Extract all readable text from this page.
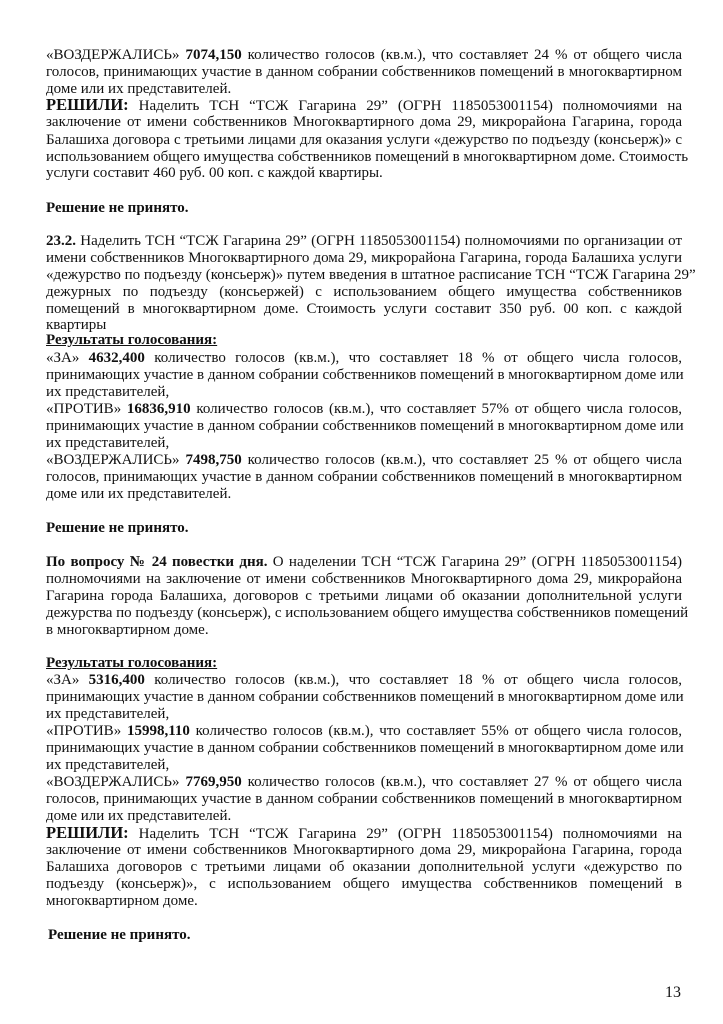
«ВОЗДЕРЖАЛИСЬ» 7074,150 количество голосов (кв.м.), что составляет 24 % от общего числа
голосов, принимающих участие в данном собрании собственников помещений в многоквартирном
доме или их представителей.
РЕШИЛИ: Наделить ТСН “ТСЖ Гагарина 29” (ОГРН 1185053001154) полномочиями на
заключение от имени собственников Многоквартирного дома 29, микрорайона Гагарина, города
Балашиха договора с третьими лицами для оказания услуги «дежурство по подъезду (консьерж)» с
использованием общего имущества собственников помещений в многоквартирном доме. Стоимость
услуги составит 460 руб. 00 коп. с каждой квартиры.
Решение не принято.
23.2. Наделить ТСН “ТСЖ Гагарина 29” (ОГРН 1185053001154) полномочиями по организации от
имени собственников Многоквартирного дома 29, микрорайона Гагарина, города Балашиха услуги
«дежурство по подъезду (консьерж)» путем введения в штатное расписание ТСН “ТСЖ Гагарина 29”
дежурных по подъезду (консьержей) с использованием общего имущества собственников
помещений в многоквартирном доме. Стоимость услуги составит 350 руб. 00 коп. с каждой
квартиры
Результаты голосования:
«ЗА» 4632,400 количество голосов (кв.м.), что составляет 18 % от общего числа голосов,
принимающих участие в данном собрании собственников помещений в многоквартирном доме или
их представителей,
«ПРОТИВ» 16836,910 количество голосов (кв.м.), что составляет 57% от общего числа голосов,
принимающих участие в данном собрании собственников помещений в многоквартирном доме или
их представителей,
«ВОЗДЕРЖАЛИСЬ» 7498,750 количество голосов (кв.м.), что составляет 25 % от общего числа
голосов, принимающих участие в данном собрании собственников помещений в многоквартирном
доме или их представителей.
Решение не принято.
По вопросу № 24 повестки дня. О наделении ТСН “ТСЖ Гагарина 29” (ОГРН 1185053001154)
полномочиями на заключение от имени собственников Многоквартирного дома 29, микрорайона
Гагарина города Балашиха, договоров с третьими лицами об оказании дополнительной услуги
дежурства по подъезду (консьерж), с использованием общего имущества собственников помещений
в многоквартирном доме.
Результаты голосования:
«ЗА» 5316,400 количество голосов (кв.м.), что составляет 18 % от общего числа голосов,
принимающих участие в данном собрании собственников помещений в многоквартирном доме или
их представителей,
«ПРОТИВ» 15998,110 количество голосов (кв.м.), что составляет 55% от общего числа голосов,
принимающих участие в данном собрании собственников помещений в многоквартирном доме или
их представителей,
«ВОЗДЕРЖАЛИСЬ» 7769,950 количество голосов (кв.м.), что составляет 27 % от общего числа
голосов, принимающих участие в данном собрании собственников помещений в многоквартирном
доме или их представителей.
РЕШИЛИ: Наделить ТСН “ТСЖ Гагарина 29” (ОГРН 1185053001154) полномочиями на
заключение от имени собственников Многоквартирного дома 29, микрорайона Гагарина, города
Балашиха договоров с третьими лицами об оказании дополнительной услуги «дежурство по
подъезду (консьерж)», с использованием общего имущества собственников помещений в
многоквартирном доме.
Решение не принято.
13
